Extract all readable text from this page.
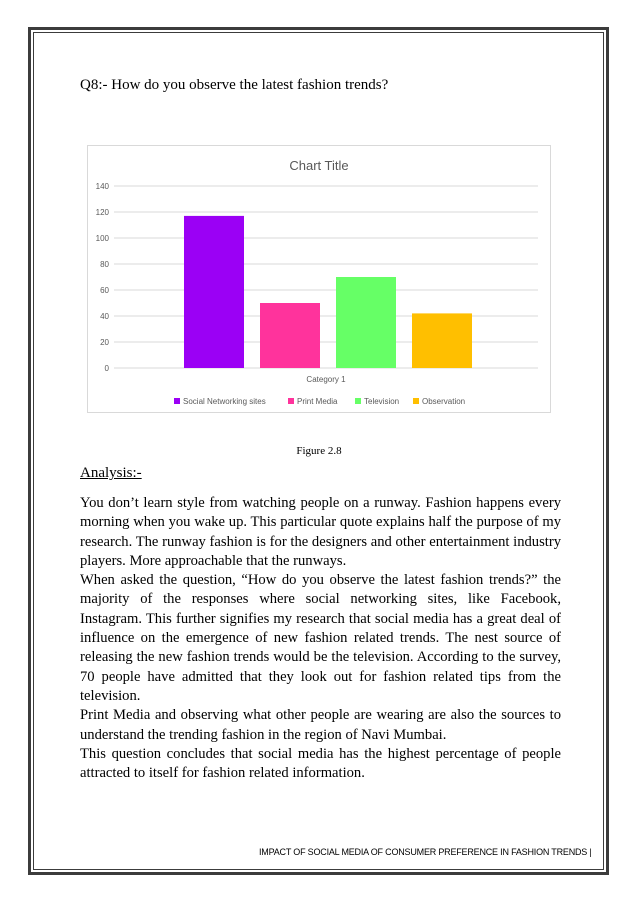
Q8:- How do you observe the latest fashion trends?
Chart Title
0
20
40
60
80
100
120
140
Category 1
Social Networking sites	Print Media	Television	Observation
Figure 2.8
Analysis:-

You don’t learn style from watching people on a runway. Fashion happens every morning when you wake up. This particular quote explains half the purpose of my research. The runway fashion is for the designers and other entertainment industry players. More approachable that the runways.

When asked the question, “How do you observe the latest fashion trends?” the majority of the responses where social networking sites, like Facebook, Instagram. This further signifies my research that social media has a great deal of influence on the emergence of new fashion related trends. The nest source of releasing the new fashion trends would be the television. According to the survey, 70 people have admitted that they look out for fashion related tips from the television.

Print Media and observing what other people are wearing are also the sources to understand the trending fashion in the region of Navi Mumbai.

This question concludes that social media has the highest percentage of people attracted to itself for fashion related information.

IMPACT OF SOCIAL MEDIA OF CONSUMER PREFERENCE IN FASHION TRENDS |
